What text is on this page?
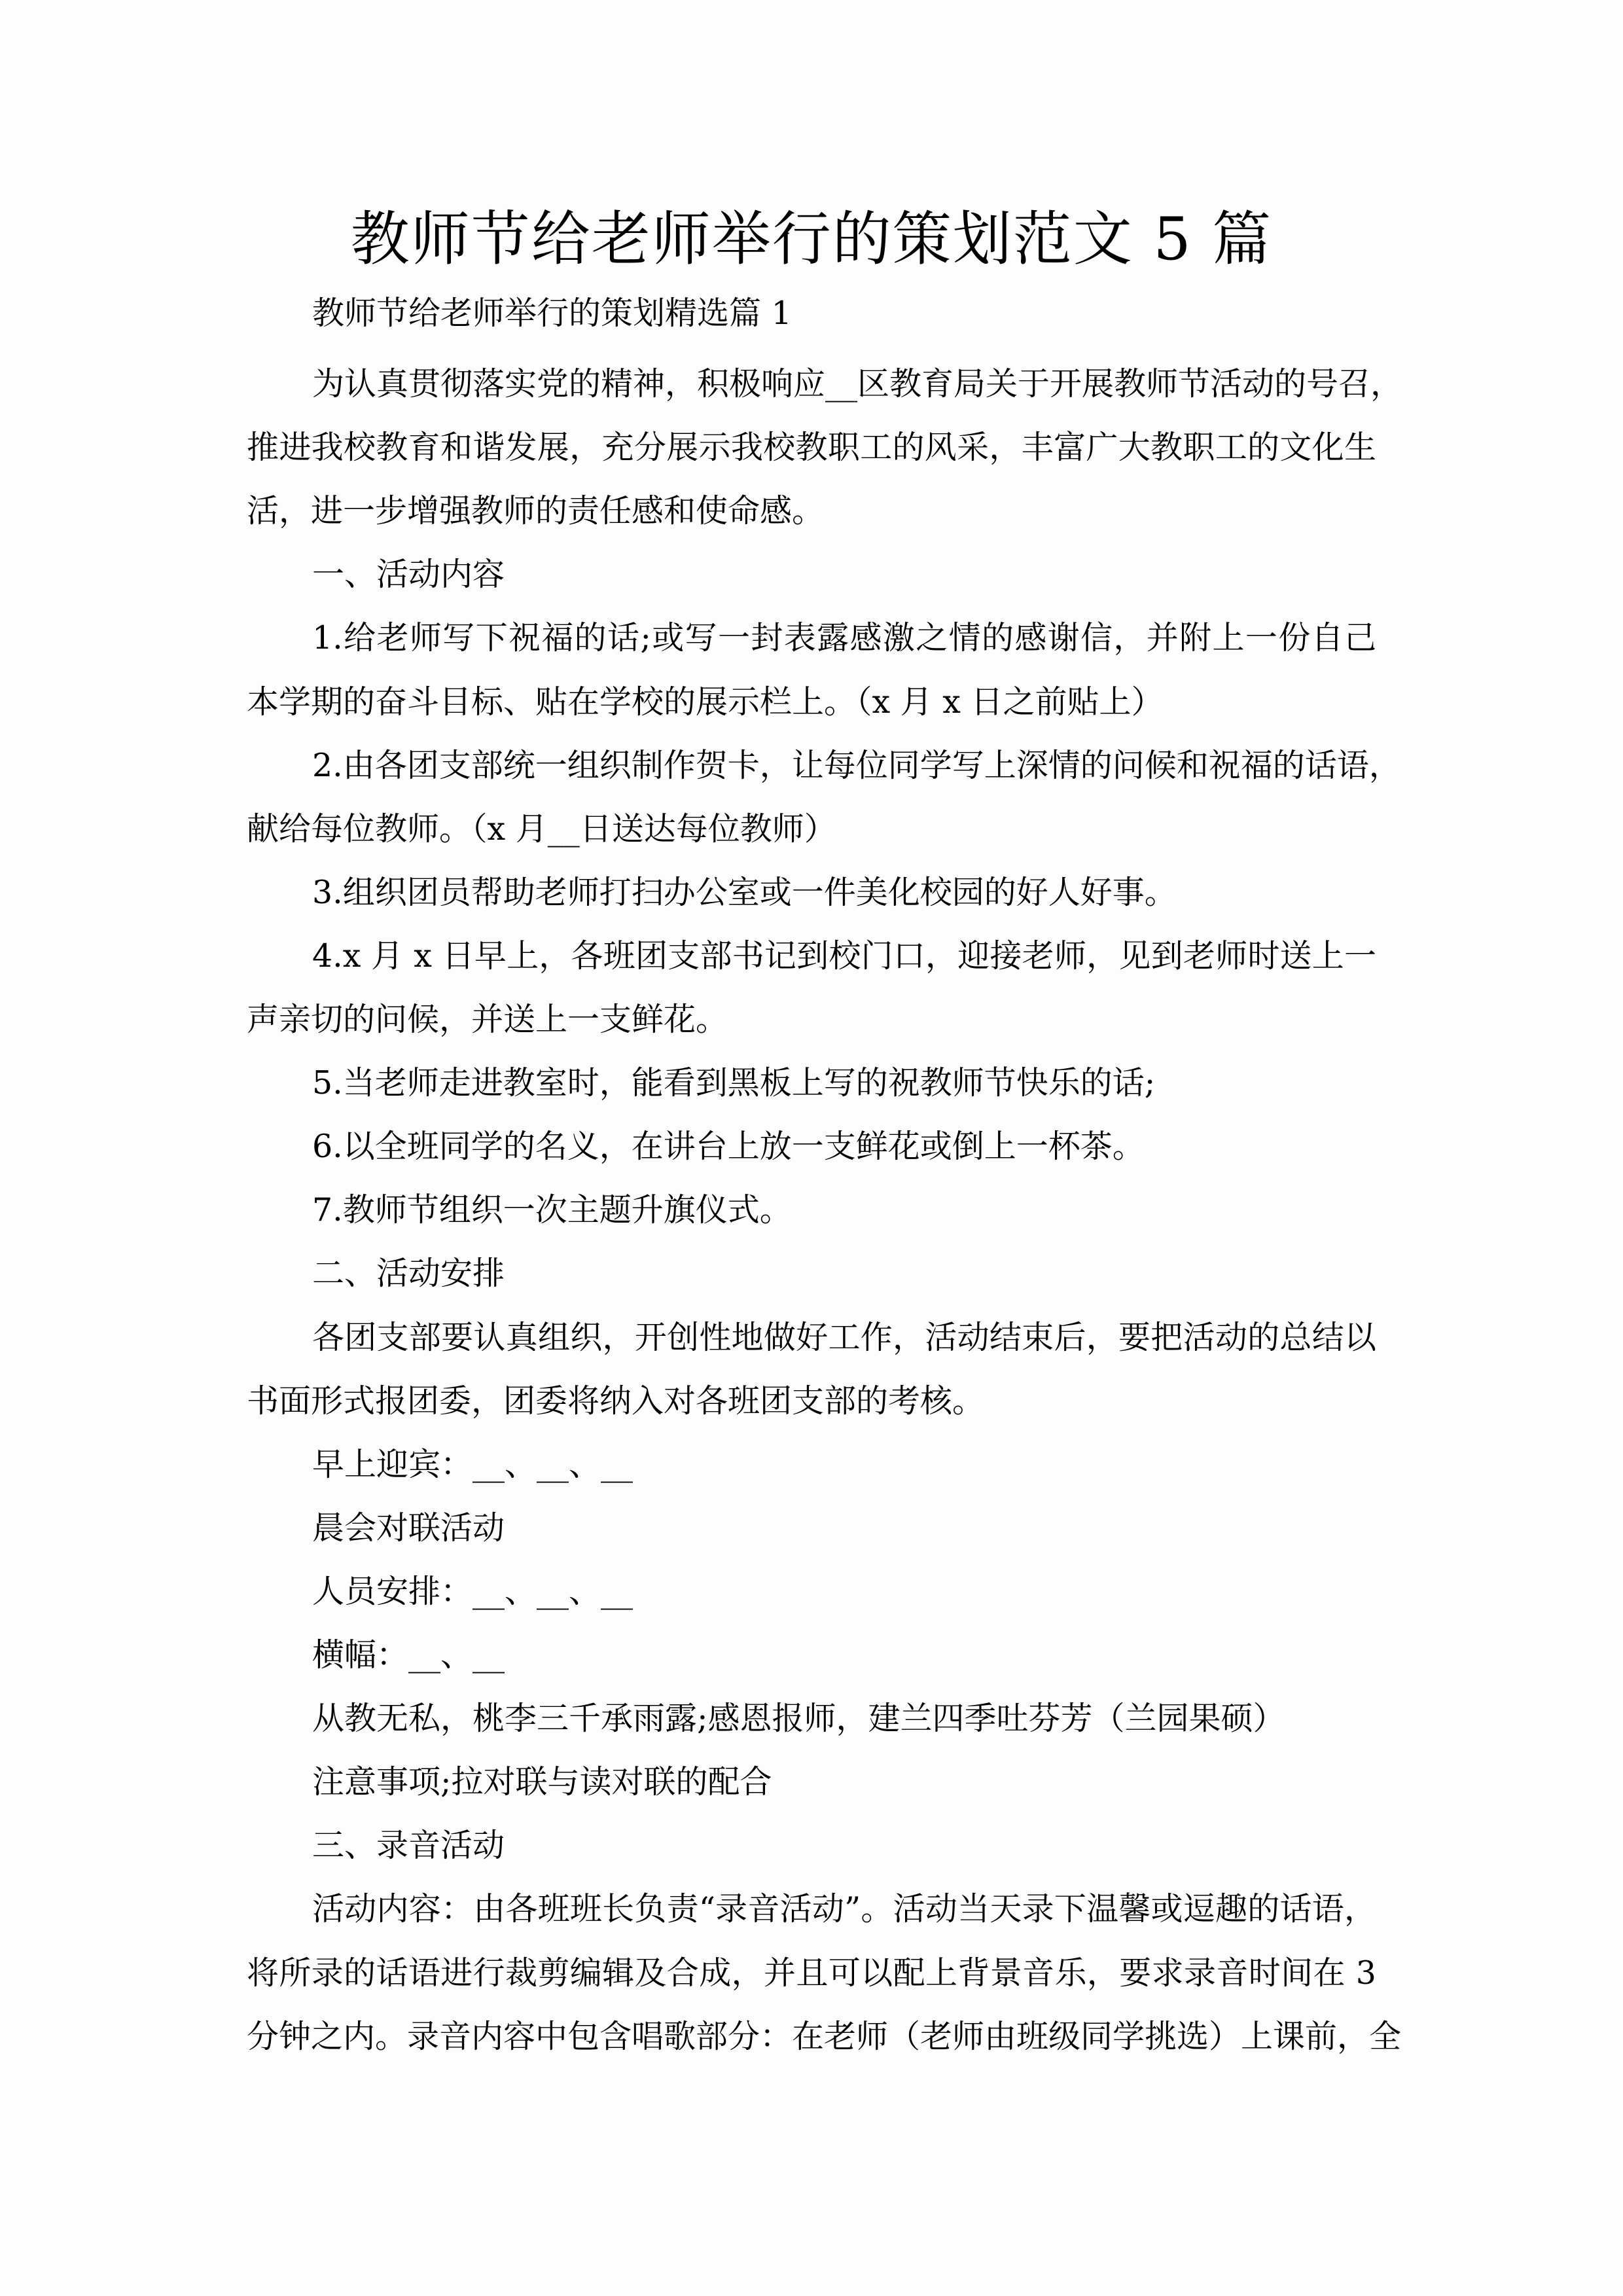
教师节给老师举行的策划范文 5 篇
教师节给老师举行的策划精选篇 1
为认真贯彻落实党的精神，积极响应__区教育局关于开展教师节活动的号召，
推进我校教育和谐发展，充分展示我校教职工的风采，丰富广大教职工的文化生
活，进一步增强教师的责任感和使命感。
一、活动内容
1.给老师写下祝福的话;或写一封表露感激之情的感谢信，并附上一份自己
本学期的奋斗目标、贴在学校的展示栏上。（x 月 x 日之前贴上）
2.由各团支部统一组织制作贺卡，让每位同学写上深情的问候和祝福的话语，
献给每位教师。（x 月__日送达每位教师）
3.组织团员帮助老师打扫办公室或一件美化校园的好人好事。
4.x 月 x 日早上，各班团支部书记到校门口，迎接老师，见到老师时送上一
声亲切的问候，并送上一支鲜花。
5.当老师走进教室时，能看到黑板上写的祝教师节快乐的话;
6.以全班同学的名义，在讲台上放一支鲜花或倒上一杯茶。
7.教师节组织一次主题升旗仪式。
二、活动安排
各团支部要认真组织，开创性地做好工作，活动结束后，要把活动的总结以
书面形式报团委，团委将纳入对各班团支部的考核。
早上迎宾：__、__、__
晨会对联活动
人员安排：__、__、__
横幅：__、__
从教无私，桃李三千承雨露;感恩报师，建兰四季吐芬芳（兰园果硕）
注意事项;拉对联与读对联的配合
三、录音活动
活动内容：由各班班长负责“录音活动”。活动当天录下温馨或逗趣的话语，
将所录的话语进行裁剪编辑及合成，并且可以配上背景音乐，要求录音时间在 3
分钟之内。录音内容中包含唱歌部分：在老师（老师由班级同学挑选）上课前，全
